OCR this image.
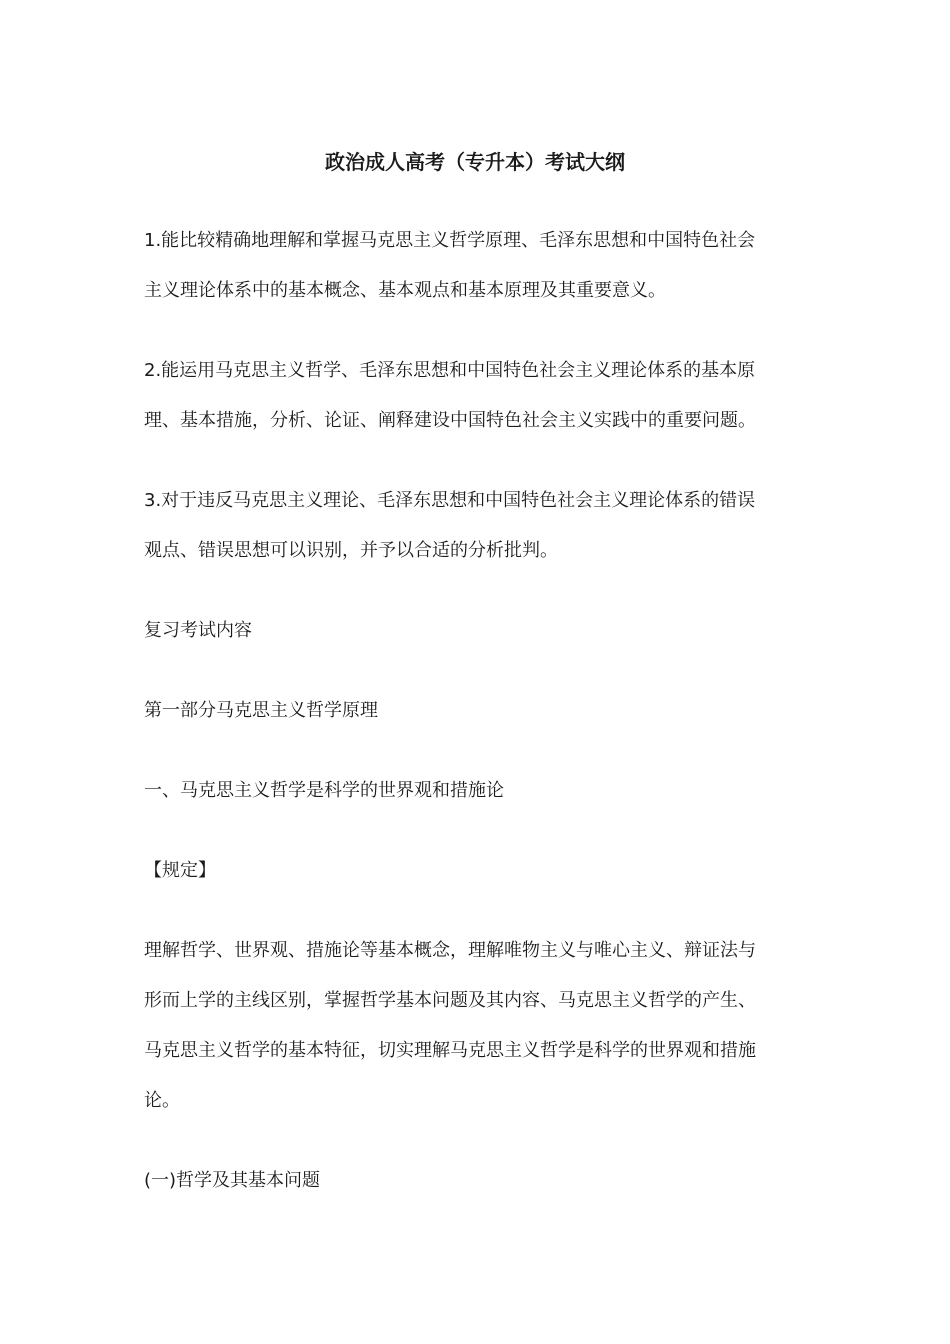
政治成人高考（专升本）考试大纲
1.能比较精确地理解和掌握马克思主义哲学原理、毛泽东思想和中国特色社会
主义理论体系中的基本概念、基本观点和基本原理及其重要意义。
2.能运用马克思主义哲学、毛泽东思想和中国特色社会主义理论体系的基本原
理、基本措施，分析、论证、阐释建设中国特色社会主义实践中的重要问题。
3.对于违反马克思主义理论、毛泽东思想和中国特色社会主义理论体系的错误
观点、错误思想可以识别，并予以合适的分析批判。
复习考试内容
第一部分马克思主义哲学原理
一、马克思主义哲学是科学的世界观和措施论
【规定】
理解哲学、世界观、措施论等基本概念，理解唯物主义与唯心主义、辩证法与
形而上学的主线区别，掌握哲学基本问题及其内容、马克思主义哲学的产生、
马克思主义哲学的基本特征，切实理解马克思主义哲学是科学的世界观和措施
论。
(一)哲学及其基本问题
